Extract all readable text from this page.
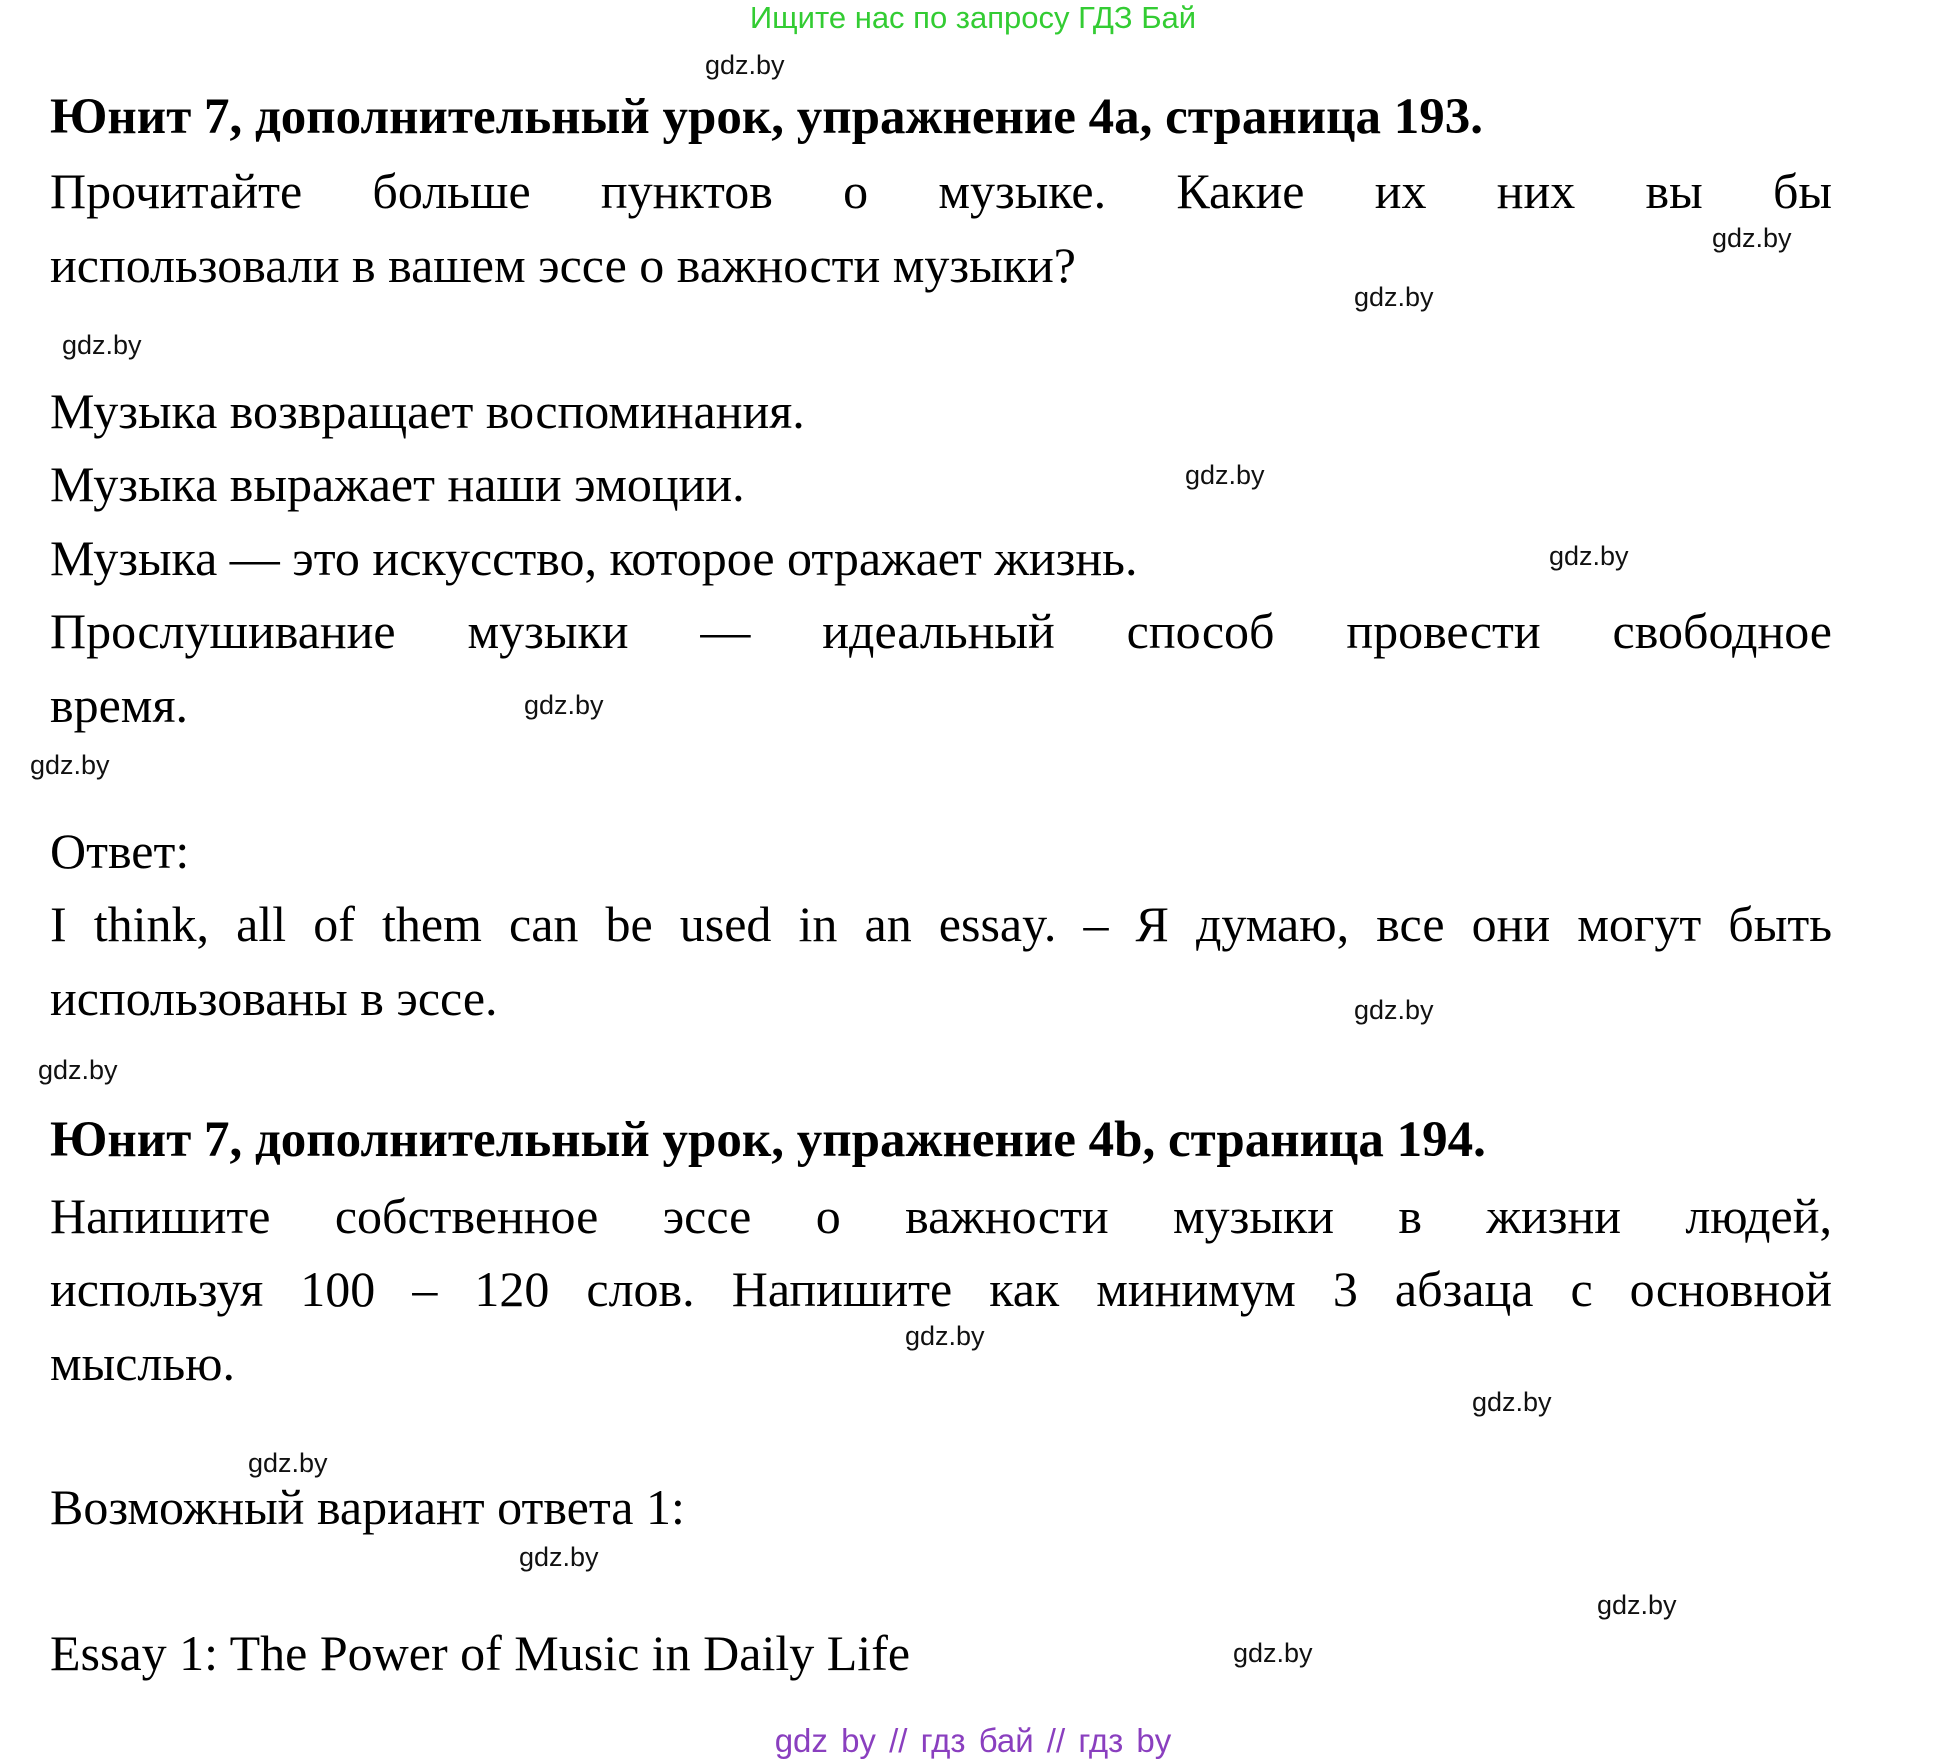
Ищите нас по запросу ГДЗ Бай
gdz.by
gdz.by
gdz.by
gdz.by
gdz.by
gdz.by
gdz.by
gdz.by
gdz.by
gdz.by
gdz.by
gdz.by
gdz.by
gdz.by
gdz.by
gdz.by
Юнит 7, дополнительный урок, упражнение 4а, страница 193.
Прочитайте больше пунктов о музыке. Какие их них вы бы
использовали в вашем эссе о важности музыки?
Музыка возвращает воспоминания.
Музыка выражает наши эмоции.
Музыка — это искусство, которое отражает жизнь.
Прослушивание музыки — идеальный способ провести свободное
время.
Ответ:
I think, all of them can be used in an essay. – Я думаю, все они могут быть
использованы в эссе.
Юнит 7, дополнительный урок, упражнение 4b, страница 194.
Напишите собственное эссе о важности музыки в жизни людей,
используя 100 – 120 слов. Напишите как минимум 3 абзаца с основной
мыслью.
Возможный вариант ответа 1:
Essay 1: The Power of Music in Daily Life
gdz by // гдз бай // гдз by
